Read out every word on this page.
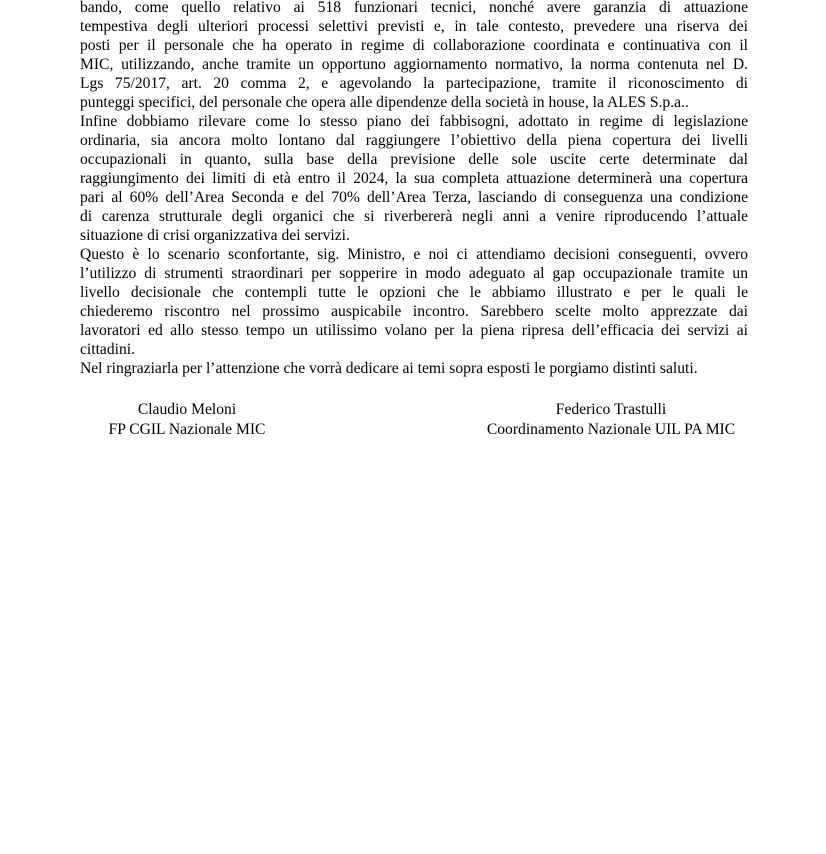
bando, come quello relativo ai 518 funzionari tecnici, nonché avere garanzia di attuazione
tempestiva degli ulteriori processi selettivi previsti e, in tale contesto, prevedere una riserva dei
posti per il personale che ha operato in regime di collaborazione coordinata e continuativa con il
MIC, utilizzando, anche tramite un opportuno aggiornamento normativo, la norma contenuta nel D.
Lgs 75/2017, art. 20 comma 2, e agevolando la partecipazione, tramite il riconoscimento di
punteggi specifici, del personale che opera alle dipendenze della società in house, la ALES S.p.a..
Infine dobbiamo rilevare come lo stesso piano dei fabbisogni, adottato in regime di legislazione
ordinaria, sia ancora molto lontano dal raggiungere l’obiettivo della piena copertura dei livelli
occupazionali in quanto, sulla base della previsione delle sole uscite certe determinate dal
raggiungimento dei limiti di età entro il 2024, la sua completa attuazione determinerà una copertura
pari al 60% dell’Area Seconda e del 70% dell’Area Terza, lasciando di conseguenza una condizione
di carenza strutturale degli organici che si riverbererà negli anni a venire riproducendo l’attuale
situazione di crisi organizzativa dei servizi.
Questo è lo scenario sconfortante, sig. Ministro, e noi ci attendiamo decisioni conseguenti, ovvero
l’utilizzo di strumenti straordinari per sopperire in modo adeguato al gap occupazionale tramite un
livello decisionale che contempli tutte le opzioni che le abbiamo illustrato e per le quali le
chiederemo riscontro nel prossimo auspicabile incontro. Sarebbero scelte molto apprezzate dai
lavoratori ed allo stesso tempo un utilissimo volano per la piena ripresa dell’efficacia dei servizi ai
cittadini.
Nel ringraziarla per l’attenzione che vorrà dedicare ai temi sopra esposti le porgiamo distinti saluti.
Claudio Meloni
FP CGIL Nazionale MIC
Federico Trastulli
Coordinamento Nazionale UIL PA MIC
